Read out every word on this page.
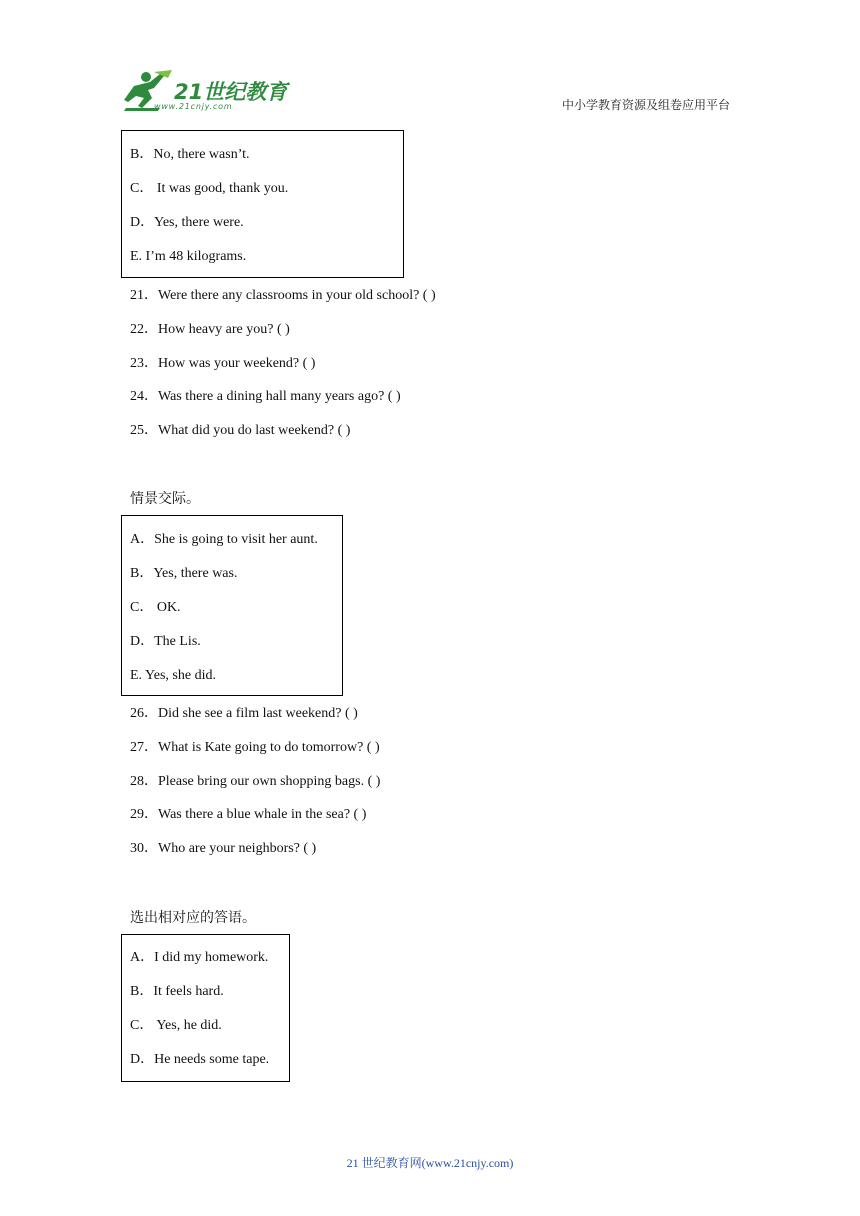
21世纪教育
www.21cnjy.com	中小学教育资源及组卷应用平台
B．No, there wasn’t.
C． It was good, thank you.
D．Yes, there were.
E. I’m 48 kilograms.
21．Were there any classrooms in your old school? ( )
22．How heavy are you? ( )
23．How was your weekend? ( )
24．Was there a dining hall many years ago? ( )
25．What did you do last weekend? ( )
情景交际。
A．She is going to visit her aunt.
B．Yes, there was.
C． OK.
D．The Lis.
E. Yes, she did.
26．Did she see a film last weekend? ( )
27．What is Kate going to do tomorrow? ( )
28．Please bring our own shopping bags. ( )
29．Was there a blue whale in the sea? ( )
30．Who are your neighbors? ( )
选出相对应的答语。
A．I did my homework.
B．It feels hard.
C． Yes, he did.
D．He needs some tape.
21 世纪教育网(www.21cnjy.com)
